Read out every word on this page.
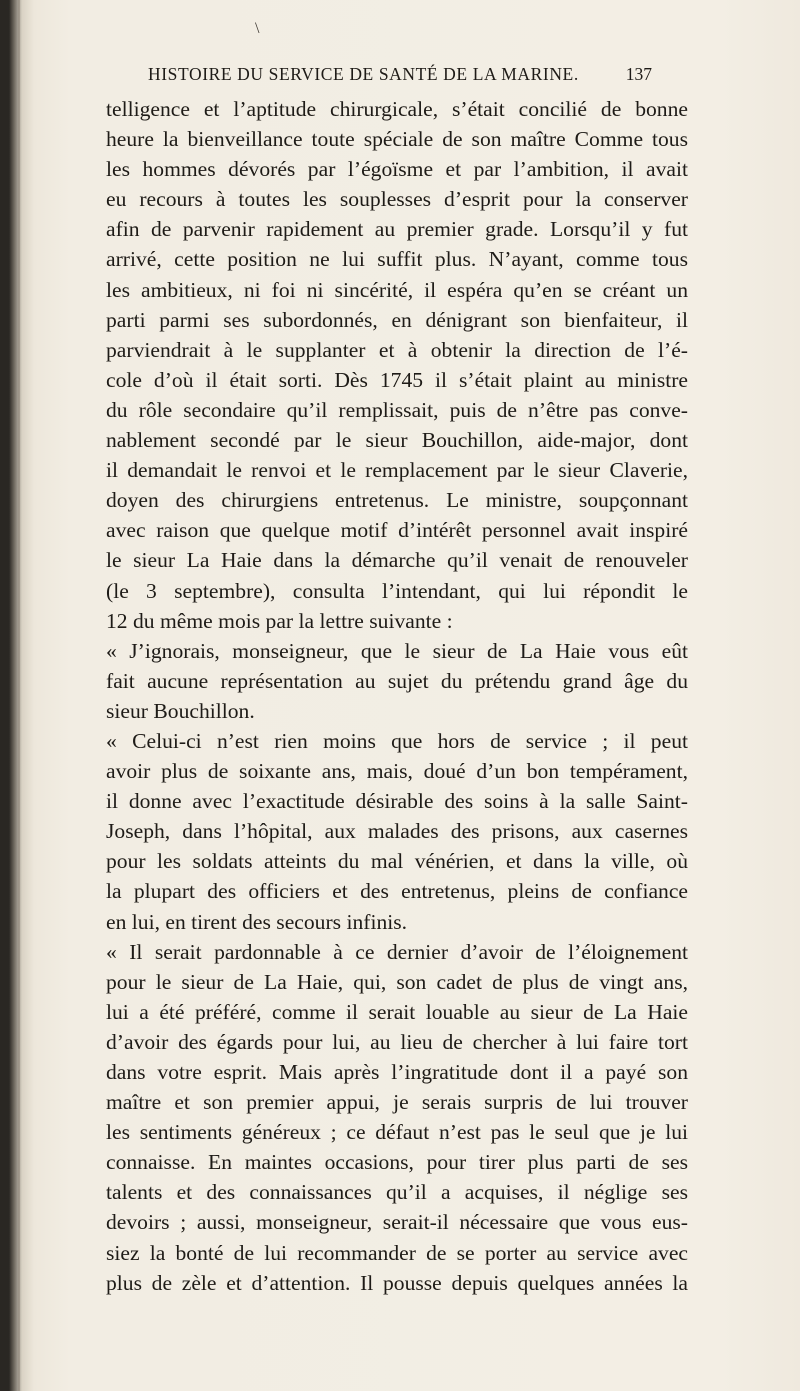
\
HISTOIRE DU SERVICE DE SANTÉ DE LA MARINE.	137
telligence et l’aptitude chirurgicale, s’était concilié de bonne
heure la bienveillance toute spéciale de son maître Comme tous
les hommes dévorés par l’égoïsme et par l’ambition, il avait
eu recours à toutes les souplesses d’esprit pour la conserver
afin de parvenir rapidement au premier grade. Lorsqu’il y fut
arrivé, cette position ne lui suffit plus. N’ayant, comme tous
les ambitieux, ni foi ni sincérité, il espéra qu’en se créant un
parti parmi ses subordonnés, en dénigrant son bienfaiteur, il
parviendrait à le supplanter et à obtenir la direction de l’é-
cole d’où il était sorti. Dès 1745 il s’était plaint au ministre
du rôle secondaire qu’il remplissait, puis de n’être pas conve-
nablement secondé par le sieur Bouchillon, aide-major, dont
il demandait le renvoi et le remplacement par le sieur Claverie,
doyen des chirurgiens entretenus. Le ministre, soupçonnant
avec raison que quelque motif d’intérêt personnel avait inspiré
le sieur La Haie dans la démarche qu’il venait de renouveler
(le 3 septembre), consulta l’intendant, qui lui répondit le
12 du même mois par la lettre suivante :
« J’ignorais, monseigneur, que le sieur de La Haie vous eût
fait aucune représentation au sujet du prétendu grand âge du
sieur Bouchillon.
« Celui-ci n’est rien moins que hors de service ; il peut
avoir plus de soixante ans, mais, doué d’un bon tempérament,
il donne avec l’exactitude désirable des soins à la salle Saint-
Joseph, dans l’hôpital, aux malades des prisons, aux casernes
pour les soldats atteints du mal vénérien, et dans la ville, où
la plupart des officiers et des entretenus, pleins de confiance
en lui, en tirent des secours infinis.
« Il serait pardonnable à ce dernier d’avoir de l’éloignement
pour le sieur de La Haie, qui, son cadet de plus de vingt ans,
lui a été préféré, comme il serait louable au sieur de La Haie
d’avoir des égards pour lui, au lieu de chercher à lui faire tort
dans votre esprit. Mais après l’ingratitude dont il a payé son
maître et son premier appui, je serais surpris de lui trouver
les sentiments généreux ; ce défaut n’est pas le seul que je lui
connaisse. En maintes occasions, pour tirer plus parti de ses
talents et des connaissances qu’il a acquises, il néglige ses
devoirs ; aussi, monseigneur, serait-il nécessaire que vous eus-
siez la bonté de lui recommander de se porter au service avec
plus de zèle et d’attention. Il pousse depuis quelques années la
